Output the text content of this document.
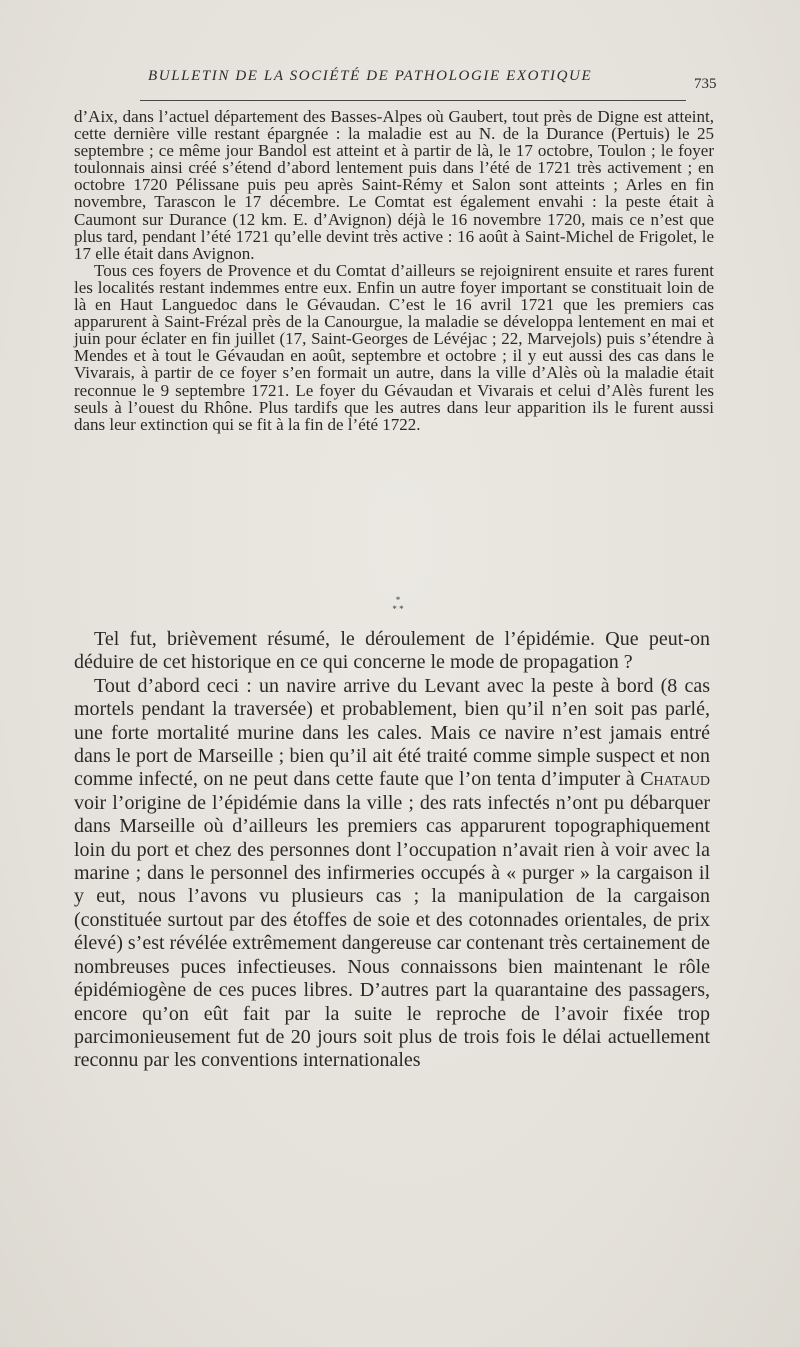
BULLETIN DE LA SOCIÉTÉ DE PATHOLOGIE EXOTIQUE	735

d’Aix, dans l’actuel département des Basses-Alpes où Gaubert, tout près de Digne est atteint, cette dernière ville restant épargnée : la maladie est au N. de la Durance (Pertuis) le 25 septembre ; ce même jour Bandol est atteint et à partir de là, le 17 octobre, Toulon ; le foyer toulonnais ainsi créé s’étend d’abord lentement puis dans l’été de 1721 très activement ; en octobre 1720 Pélissane puis peu après Saint-Rémy et Salon sont atteints ; Arles en fin novembre, Tarascon le 17 décembre. Le Comtat est également envahi : la peste était à Caumont sur Durance (12 km. E. d’Avignon) déjà le 16 novembre 1720, mais ce n’est que plus tard, pendant l’été 1721 qu’elle devint très active : 16 août à Saint-Michel de Frigolet, le 17 elle était dans Avignon.

Tous ces foyers de Provence et du Comtat d’ailleurs se rejoignirent ensuite et rares furent les localités restant indemmes entre eux. Enfin un autre foyer important se constituait loin de là en Haut Languedoc dans le Gévaudan. C’est le 16 avril 1721 que les premiers cas apparurent à Saint-Frézal près de la Canourgue, la maladie se développa lentement en mai et juin pour éclater en fin juillet (17, Saint-Georges de Lévéjac ; 22, Marvejols) puis s’étendre à Mendes et à tout le Gévaudan en août, septembre et octobre ; il y eut aussi des cas dans le Vivarais, à partir de ce foyer s’en formait un autre, dans la ville d’Alès où la maladie était reconnue le 9 septembre 1721. Le foyer du Gévaudan et Vivarais et celui d’Alès furent les seuls à l’ouest du Rhône. Plus tardifs que les autres dans leur apparition ils le furent aussi dans leur extinction qui se fit à la fin de l’été 1722.

*
* *

Tel fut, brièvement résumé, le déroulement de l’épidémie. Que peut-on déduire de cet historique en ce qui concerne le mode de propagation ?

Tout d’abord ceci : un navire arrive du Levant avec la peste à bord (8 cas mortels pendant la traversée) et probablement, bien qu’il n’en soit pas parlé, une forte mortalité murine dans les cales. Mais ce navire n’est jamais entré dans le port de Marseille ; bien qu’il ait été traité comme simple suspect et non comme infecté, on ne peut dans cette faute que l’on tenta d’imputer à Chataud voir l’origine de l’épidémie dans la ville ; des rats infectés n’ont pu débarquer dans Marseille où d’ailleurs les premiers cas apparurent topographiquement loin du port et chez des personnes dont l’occupation n’avait rien à voir avec la marine ; dans le personnel des infirmeries occupés à « purger » la cargaison il y eut, nous l’avons vu plusieurs cas ; la manipulation de la cargaison (constituée surtout par des étoffes de soie et des cotonnades orientales, de prix élevé) s’est révélée extrêmement dangereuse car contenant très certainement de nombreuses puces infectieuses. Nous connaissons bien maintenant le rôle épidémiogène de ces puces libres. D’autres part la quarantaine des passagers, encore qu’on eût fait par la suite le reproche de l’avoir fixée trop parcimonieusement fut de 20 jours soit plus de trois fois le délai actuellement reconnu par les conventions internationales
